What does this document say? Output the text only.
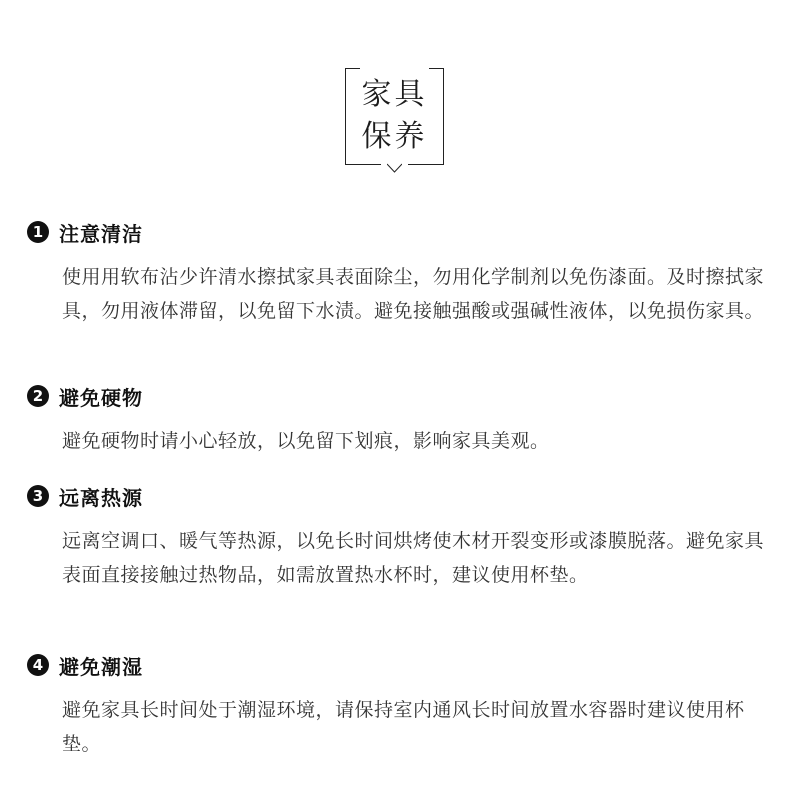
家具
保养
1 注意清洁
使用用软布沾少许清水擦拭家具表面除尘，勿用化学制剂以免伤漆面。及时擦拭家具，勿用液体滞留，以免留下水渍。避免接触强酸或强碱性液体，以免损伤家具。
2 避免硬物
避免硬物时请小心轻放，以免留下划痕，影响家具美观。
3 远离热源
远离空调口、暖气等热源，以免长时间烘烤使木材开裂变形或漆膜脱落。避免家具表面直接接触过热物品，如需放置热水杯时，建议使用杯垫。
4 避免潮湿
避免家具长时间处于潮湿环境，请保持室内通风长时间放置水容器时建议使用杯垫。
